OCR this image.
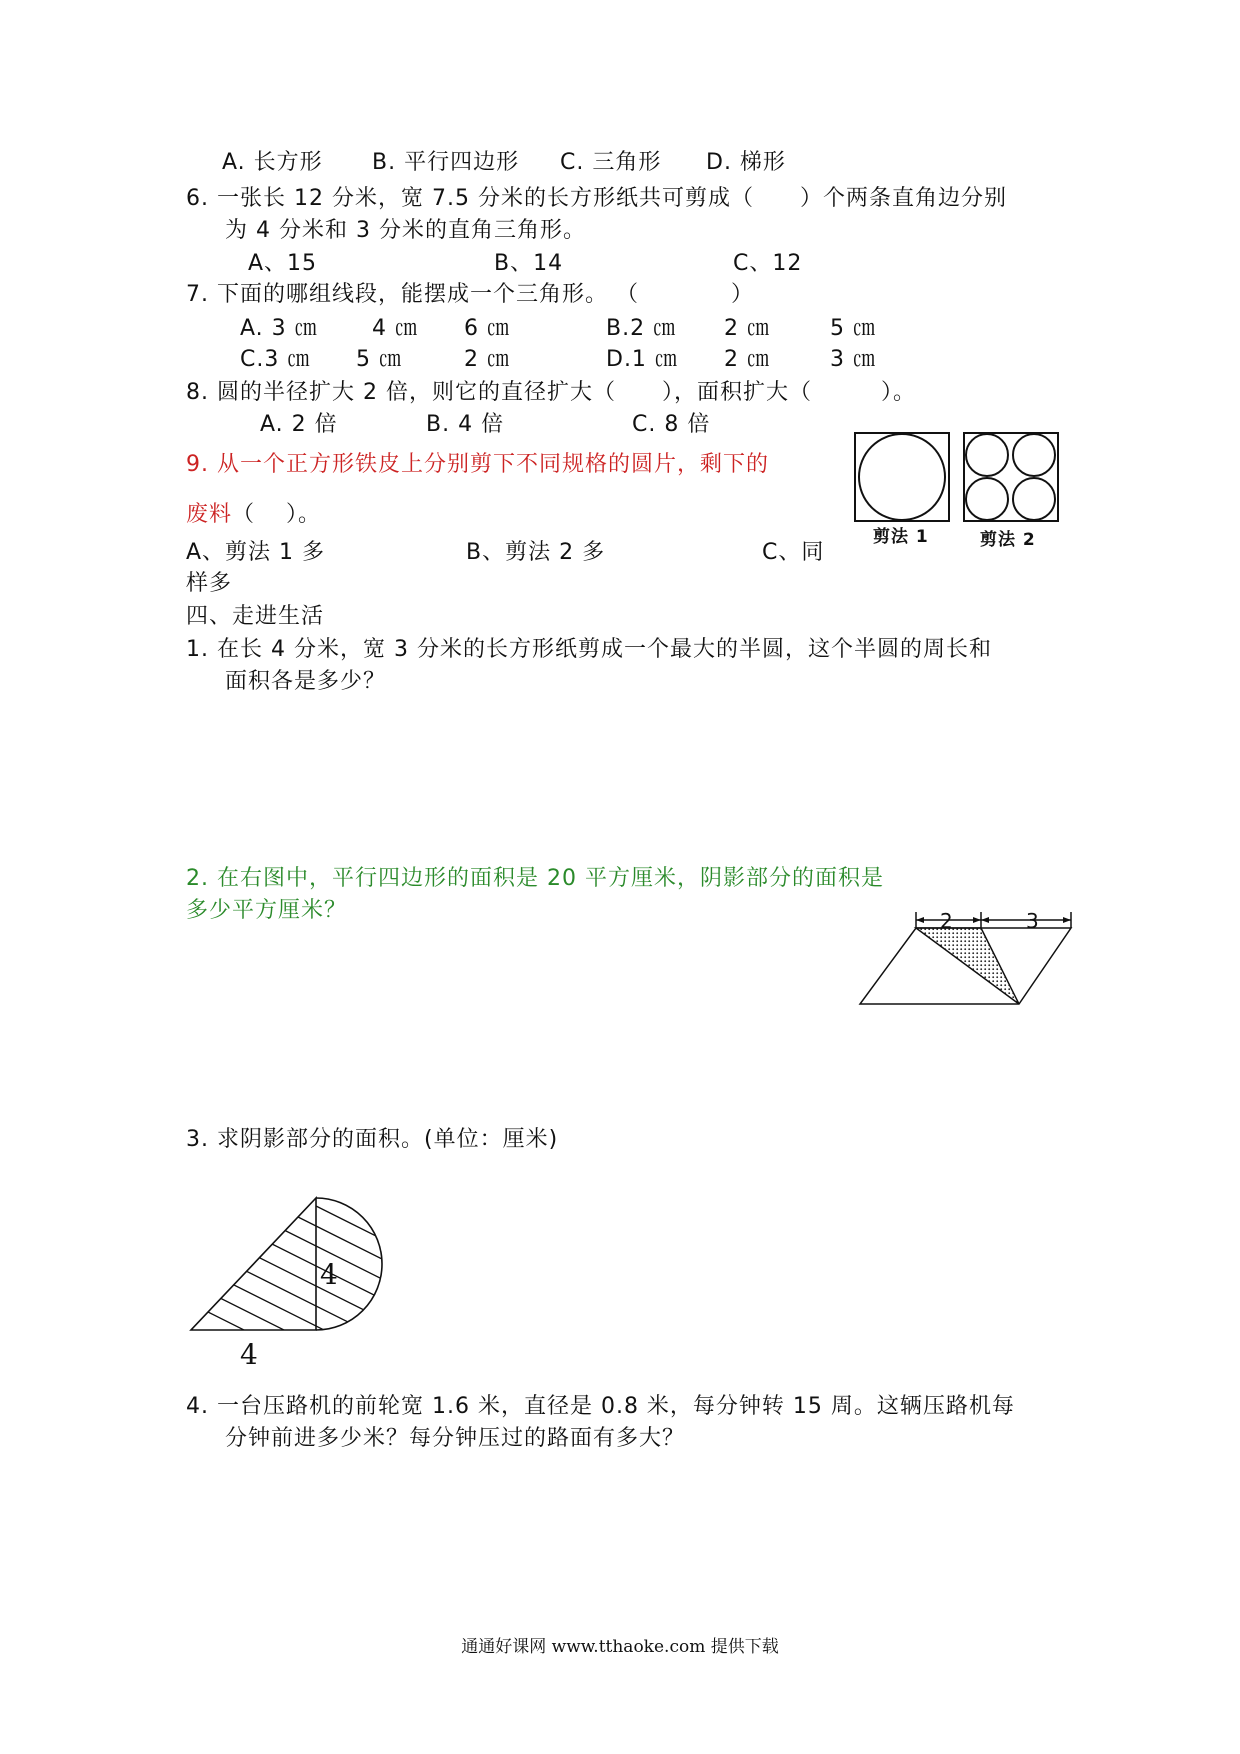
A. 长方形 B. 平行四边形 C. 三角形 D. 梯形
6. 一张长 12 分米，宽 7.5 分米的长方形纸共可剪成（　　）个两条直角边分别
为 4 分米和 3 分米的直角三角形。
A、15	B、14	C、12
7. 下面的哪组线段，能摆成一个三角形。 （　　　　）
A. 3 ㎝ 4 ㎝ 6 ㎝	B.2 ㎝ 2 ㎝	5 ㎝
C.3 ㎝ 5 ㎝	2 ㎝	D.1 ㎝ 2 ㎝	3 ㎝
8. 圆的半径扩大 2 倍，则它的直径扩大（　　），面积扩大（　　　）。
A. 2 倍	B. 4 倍	C. 8 倍
9. 从一个正方形铁皮上分别剪下不同规格的圆片，剩下的
废料（　 ）。
A、剪法 1 多	B、剪法 2 多	C、同
样多
剪法 1	剪法 2
四、走进生活
1. 在长 4 分米，宽 3 分米的长方形纸剪成一个最大的半圆，这个半圆的周长和
面积各是多少？
2. 在右图中，平行四边形的面积是 20 平方厘米，阴影部分的面积是
多少平方厘米？	2	3
3. 求阴影部分的面积。(单位：厘米)
4
4
4. 一台压路机的前轮宽 1.6 米，直径是 0.8 米，每分钟转 15 周。这辆压路机每
分钟前进多少米？每分钟压过的路面有多大？
通通好课网 www.tthaoke.com 提供下载
